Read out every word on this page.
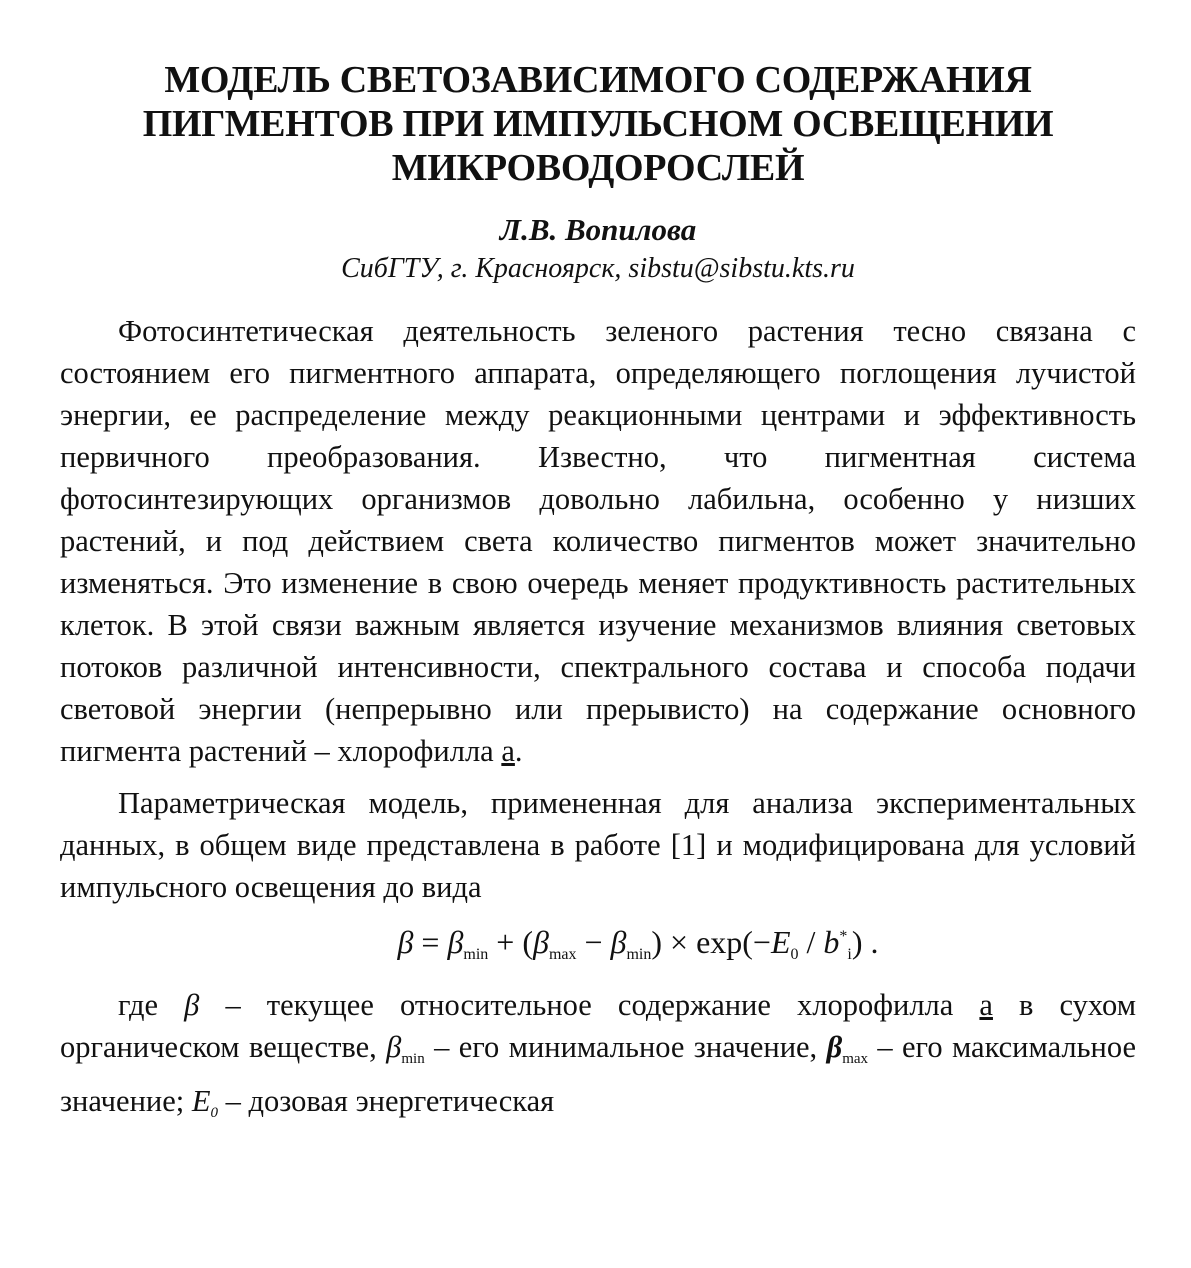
МОДЕЛЬ СВЕТОЗАВИСИМОГО СОДЕРЖАНИЯ
ПИГМЕНТОВ ПРИ ИМПУЛЬСНОМ ОСВЕЩЕНИИ
МИКРОВОДОРОСЛЕЙ
Л.В. Вопилова
СибГТУ, г. Красноярск, sibstu@sibstu.kts.ru

Фотосинтетическая деятельность зеленого растения тесно связана с состоянием его пигментного аппарата, определяющего поглощения лучистой энергии, ее распределение между реакционными центрами и эффективность первичного преобразования. Известно, что пигментная система фотосинтезирующих организмов довольно лабильна, особенно у низших растений, и под действием света количество пигментов может значительно изменяться. Это изменение в свою очередь меняет продуктивность растительных клеток. В этой связи важным является изучение механизмов влияния световых потоков различной интенсивности, спектрального состава и способа подачи световой энергии (непрерывно или прерывисто) на содержание основного пигмента растений – хлорофилла а.

Параметрическая модель, примененная для анализа экспериментальных данных, в общем виде представлена в работе [1] и модифицирована для условий импульсного освещения до вида

$\beta = \beta_{min} + (\beta_{max} - \beta_{min}) \times \exp(-E_0 / b^*_i)$ .

где β – текущее относительное содержание хлорофилла а в сухом органическом веществе, $\beta_{min}$ – его минимальное значение, $\beta_{max}$ – его максимальное значение; $E_0$ – дозовая энергетическая
